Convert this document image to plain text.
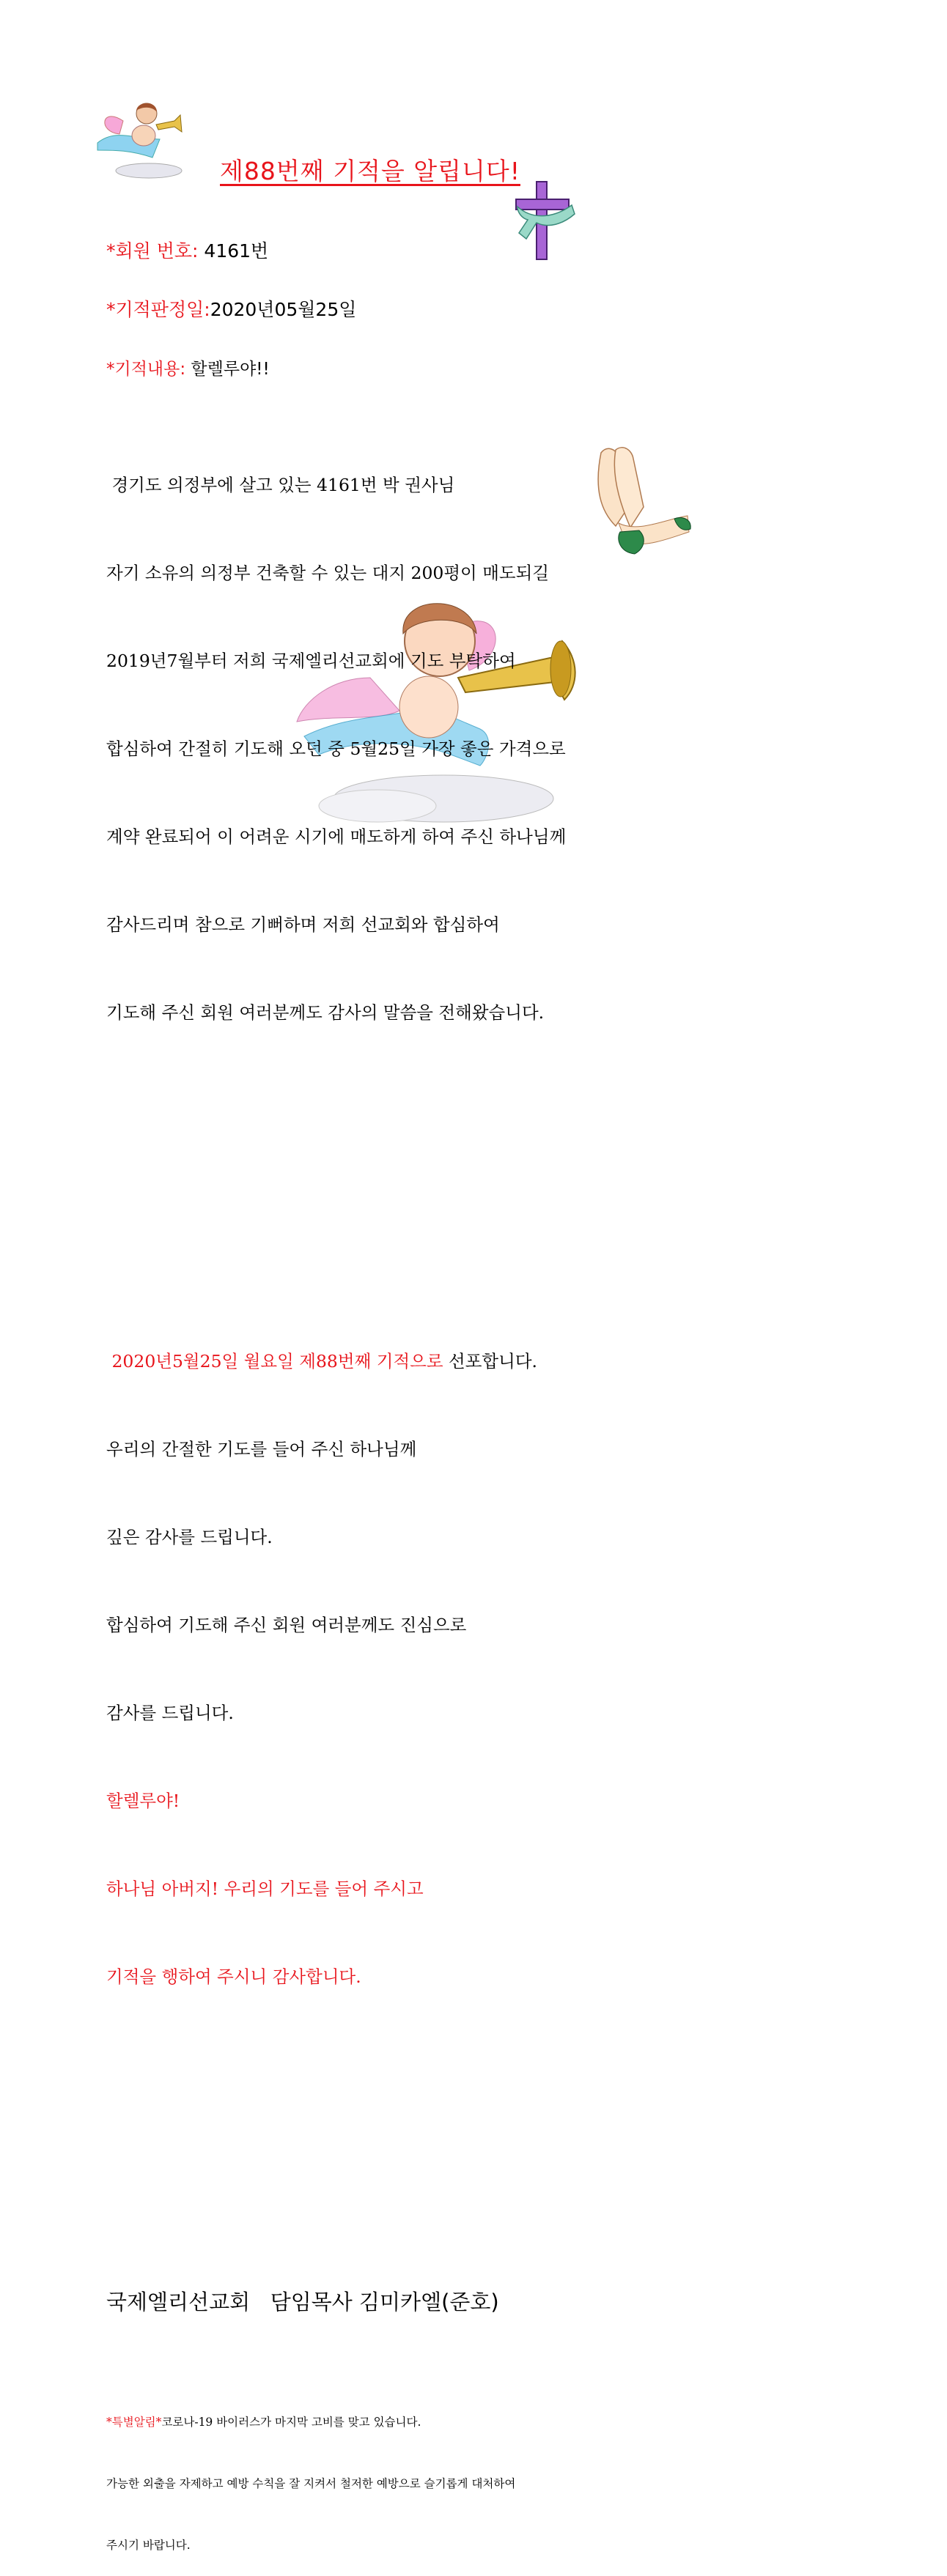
제88번째 기적을 알립니다!
*회원 번호: 4161번
*기적판정일:2020년05월25일
*기적내용: 할렐루야!!

경기도 의정부에 살고 있는 4161번 박 권사님

자기 소유의 의정부 건축할 수 있는 대지 200평이 매도되길

2019년7월부터 저희 국제엘리선교회에 기도 부탁하여

합심하여 간절히 기도해 오던 중 5월25일 가장 좋은 가격으로

계약 완료되어 이 어려운 시기에 매도하게 하여 주신 하나님께

감사드리며 참으로 기뻐하며 저희 선교회와 합심하여

기도해 주신 회원 여러분께도 감사의 말씀을 전해왔습니다.

2020년5월25일 월요일 제88번째 기적으로 선포합니다.

우리의 간절한 기도를 들어 주신 하나님께

깊은 감사를 드립니다.

합심하여 기도해 주신 회원 여러분께도 진심으로

감사를 드립니다.

할렐루야!

하나님 아버지! 우리의 기도를 들어 주시고

기적을 행하여 주시니 감사합니다.

국제엘리선교회   담임목사 김미카엘(준호)

*특별알림*코로나-19 바이러스가 마지막 고비를 맞고 있습니다.

가능한 외출을 자제하고 예방 수칙을 잘 지켜서 철저한 예방으로 슬기롭게 대처하여

주시기 바랍니다.
